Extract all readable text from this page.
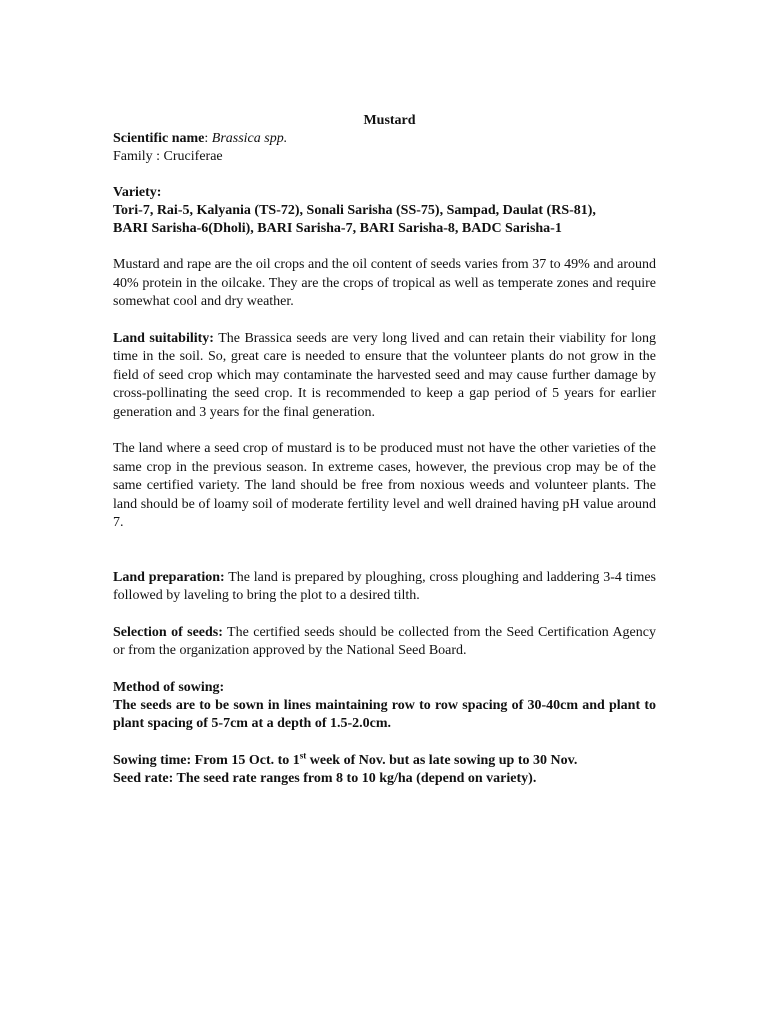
Mustard

Scientific name: Brassica spp.

Family : Cruciferae

Variety:

Tori-7, Rai-5, Kalyania (TS-72), Sonali Sarisha (SS-75), Sampad, Daulat (RS-81),

BARI Sarisha-6(Dholi), BARI Sarisha-7, BARI Sarisha-8, BADC Sarisha-1

Mustard and rape are the oil crops and the oil content of seeds varies from 37 to 49% and around 40% protein in the oilcake. They are the crops of tropical as well as temperate zones and require somewhat cool and dry weather.

Land suitability: The Brassica seeds are very long lived and can retain their viability for long time in the soil. So, great care is needed to ensure that the volunteer plants do not grow in the field of seed crop which may contaminate the harvested seed and may cause further damage by cross-pollinating the seed crop. It is recommended to keep a gap period of 5 years for earlier generation and 3 years for the final generation.

The land where a seed crop of mustard is to be produced must not have the other varieties of the same crop in the previous season. In extreme cases, however, the previous crop may be of the same certified variety. The land should be free from noxious weeds and volunteer plants. The land should be of loamy soil of moderate fertility level and well drained having pH value around 7.

Land preparation: The land is prepared by ploughing, cross ploughing and laddering 3-4 times followed by laveling to bring the plot to a desired tilth.

Selection of seeds: The certified seeds should be collected from the Seed Certification Agency or from the organization approved by the National Seed Board.

Method of sowing:

The seeds are to be sown in lines maintaining row to row spacing of 30-40cm and plant to plant spacing of 5-7cm at a depth of 1.5-2.0cm.

Sowing time: From 15 Oct. to 1st week of Nov. but as late sowing up to 30 Nov.

Seed rate: The seed rate ranges from 8 to 10 kg/ha (depend on variety).
